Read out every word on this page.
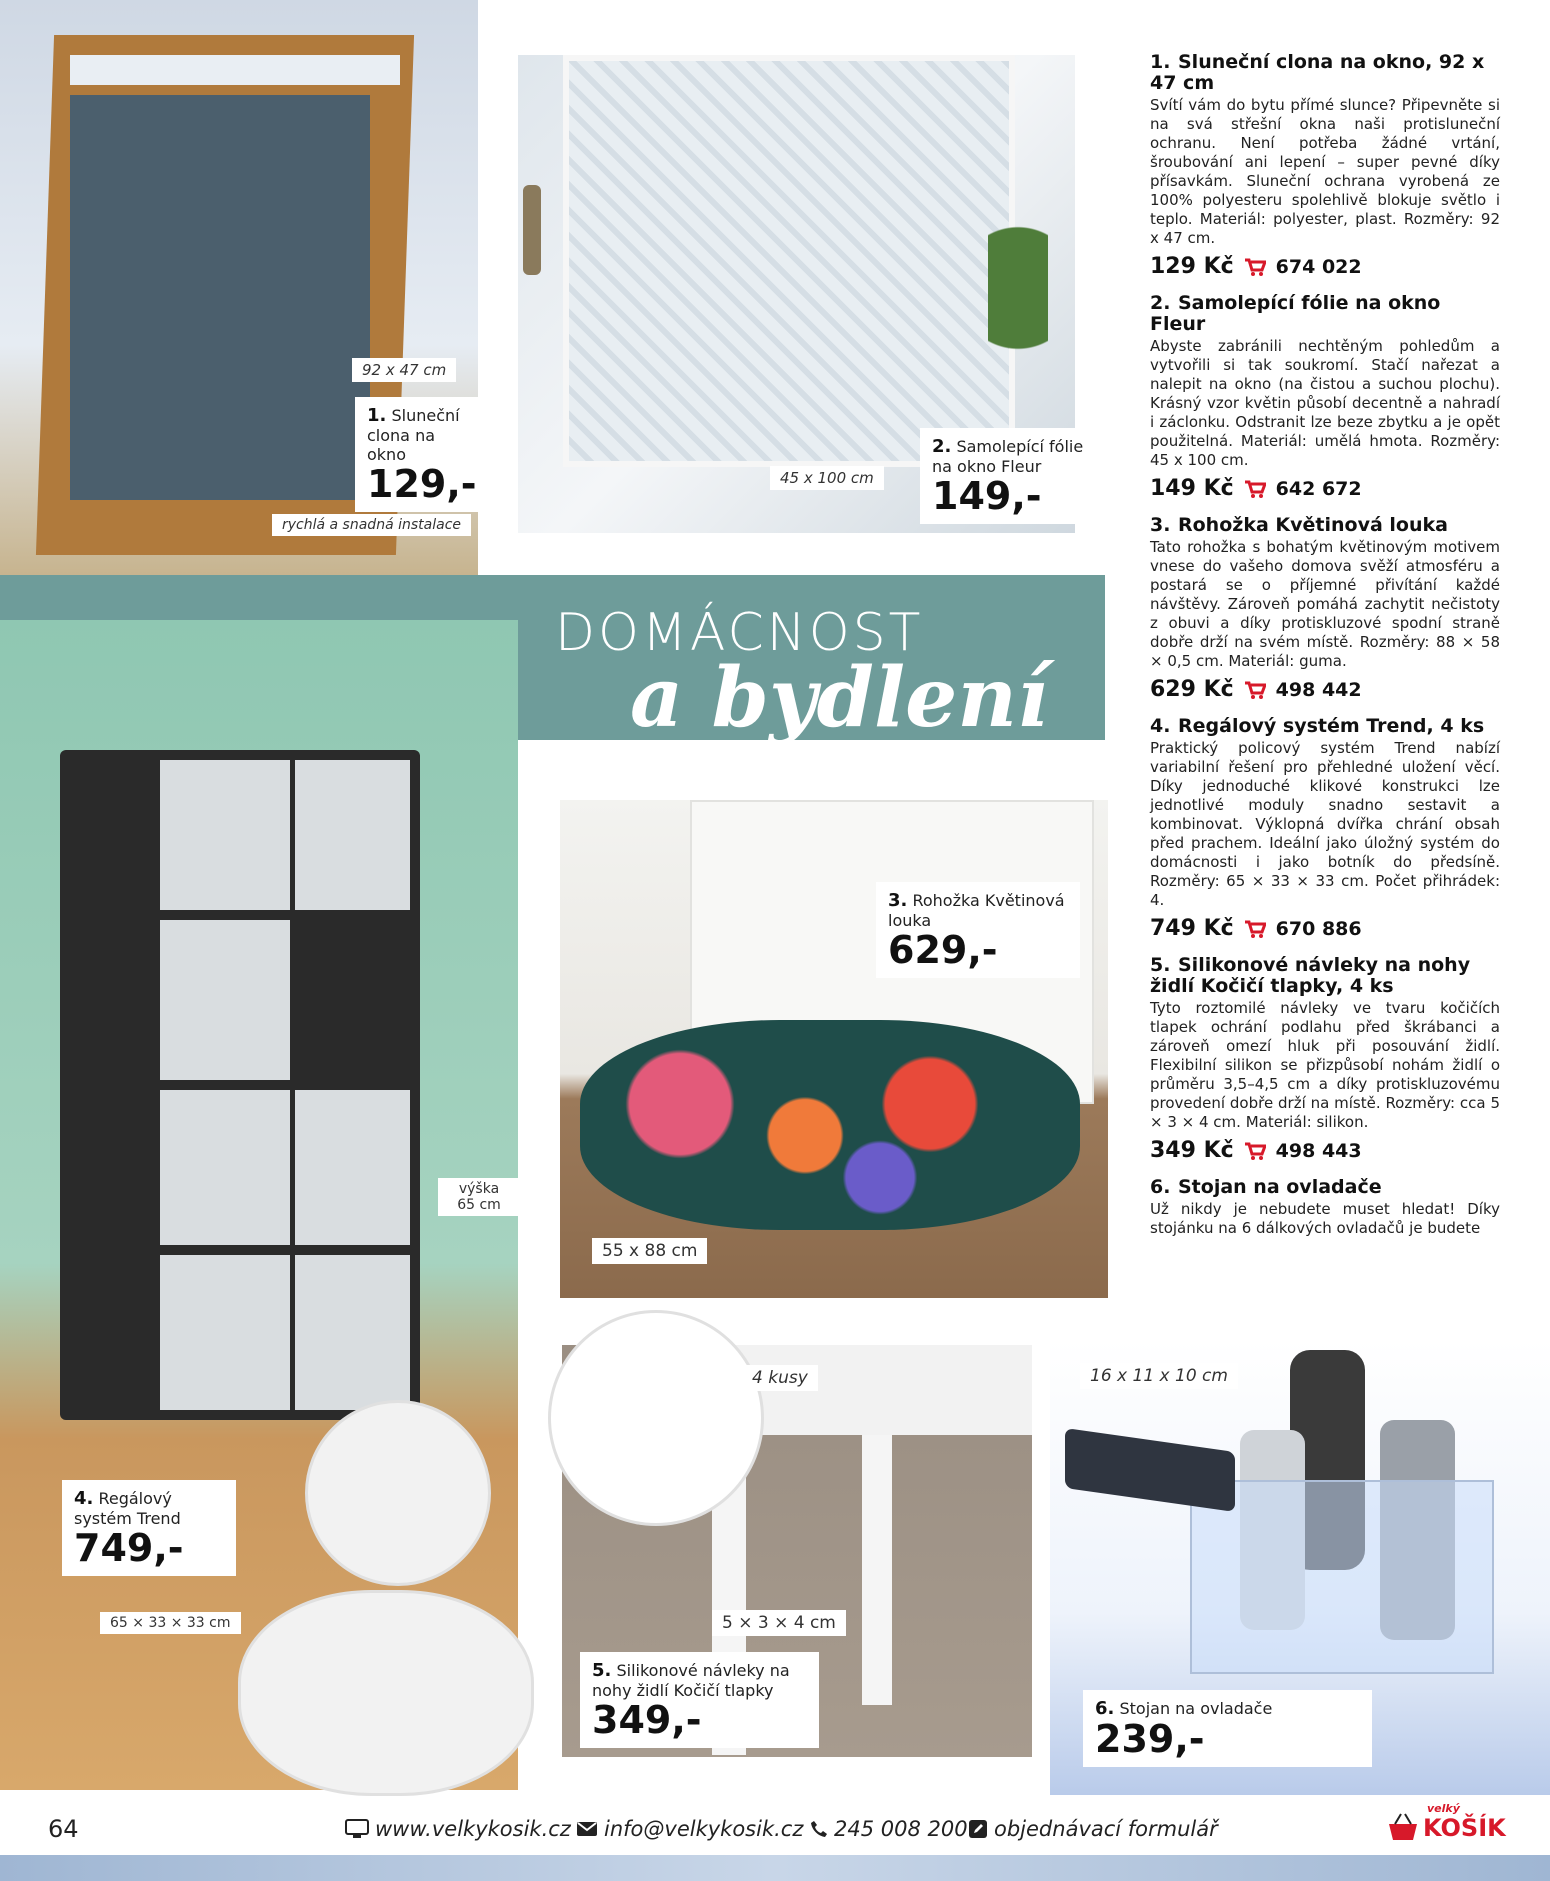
92 x 47 cm
1. Sluneční clona na okno
129,-
rychlá a snadná instalace
45 x 100 cm
2. Samolepící fólie na okno Fleur
149,-
DOMÁCNOST
a bydlení
výška 65 cm
4. Regálový systém Trend
749,-
65 × 33 × 33 cm
3. Rohožka Květinová louka
629,-
55 x 88 cm
4 kusy
5 × 3 × 4 cm
5. Silikonové návleky na nohy židlí Kočičí tlapky
349,-
16 x 11 x 10 cm
6. Stojan na ovladače
239,-
1. Sluneční clona na okno, 92 x 47 cm
Svítí vám do bytu přímé slunce? Připevněte si na svá střešní okna naši protisluneční ochranu. Není potřeba žádné vrtání, šroubování ani lepení – super pevné díky přísavkám. Sluneční ochrana vyrobená ze 100% polyesteru spolehlivě blokuje světlo i teplo. Materiál: polyester, plast. Rozměry: 92 x 47 cm.
129 Kč 674 022
2. Samolepící fólie na okno Fleur
Abyste zabránili nechtěným pohledům a vytvořili si tak soukromí. Stačí nařezat a nalepit na okno (na čistou a suchou plochu). Krásný vzor květin působí decentně a nahradí i záclonku. Odstranit lze beze zbytku a je opět použitelná. Materiál: umělá hmota. Rozměry: 45 x 100 cm.
149 Kč 642 672
3. Rohožka Květinová louka
Tato rohožka s bohatým květinovým motivem vnese do vašeho domova svěží atmosféru a postará se o příjemné přivítání každé návštěvy. Zároveň pomáhá zachytit nečistoty z obuvi a díky protiskluzové spodní straně dobře drží na svém místě. Rozměry: 88 × 58 × 0,5 cm. Materiál: guma.
629 Kč 498 442
4. Regálový systém Trend, 4 ks
Praktický policový systém Trend nabízí variabilní řešení pro přehledné uložení věcí. Díky jednoduché klikové konstrukci lze jednotlivé moduly snadno sestavit a kombinovat. Výklopná dvířka chrání obsah před prachem. Ideální jako úložný systém do domácnosti i jako botník do předsíně. Rozměry: 65 × 33 × 33 cm. Počet přihrádek: 4.
749 Kč 670 886
5. Silikonové návleky na nohy židlí Kočičí tlapky, 4 ks
Tyto roztomilé návleky ve tvaru kočičích tlapek ochrání podlahu před škrábanci a zároveň omezí hluk při posouvání židlí. Flexibilní silikon se přizpůsobí nohám židlí o průměru 3,5–4,5 cm a díky protiskluzovému provedení dobře drží na místě. Rozměry: cca 5 × 3 × 4 cm. Materiál: silikon.
349 Kč 498 443
6. Stojan na ovladače
Už nikdy je nebudete muset hledat! Díky stojánku na 6 dálkových ovladačů je budete
64	www.velkykosik.cz info@velkykosik.cz 245 008 200 objednávací formulář
velký
KOŠÍK
